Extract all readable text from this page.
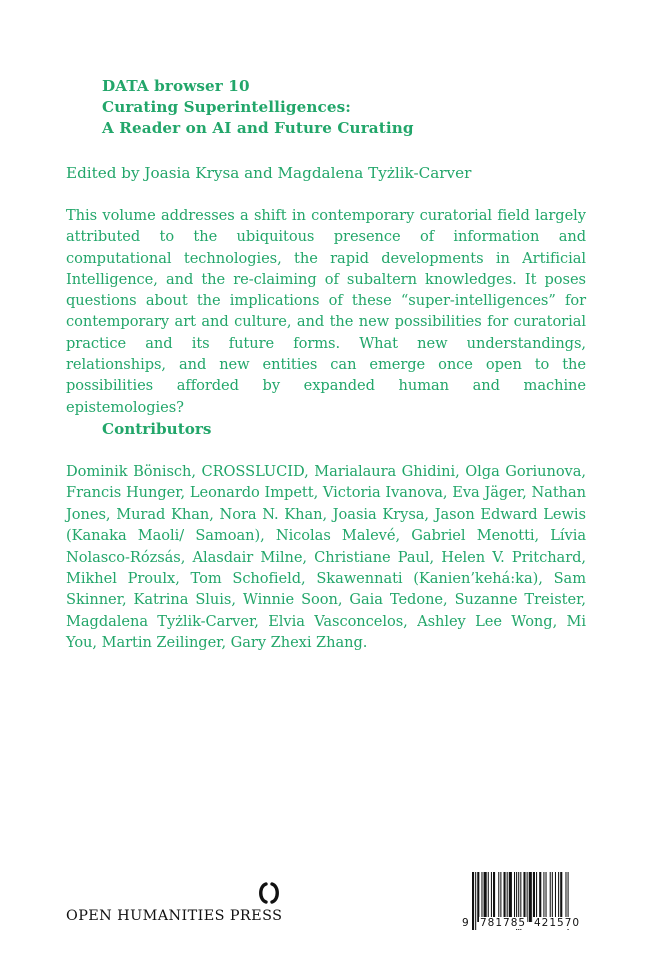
DATA browser 10
Curating Superintelligences:
A Reader on AI and Future Curating
Edited by Joasia Krysa and Magdalena Tyżlik-Carver
This volume addresses a shift in contemporary curatorial field largely attributed to the ubiquitous presence of information and computational technologies, the rapid developments in Artificial Intelligence, and the re-claiming of subaltern knowledges. It poses questions about the implications of these “super-intelligences” for contemporary art and culture, and the new possibilities for curatorial practice and its future forms. What new understandings, relationships, and new entities can emerge once open to the possibilities afforded by expanded human and machine epistemologies?
Contributors
Dominik Bönisch, CROSSLUCID, Marialaura Ghidini, Olga Goriunova, Francis Hunger, Leonardo Impett, Victoria Ivanova, Eva Jäger, Nathan Jones, Murad Khan, Nora N. Khan, Joasia Krysa, Jason Edward Lewis (Kanaka Maoli/ Samoan), Nicolas Malevé, Gabriel Menotti, Lívia Nolasco-Rózsás, Alasdair Milne, Christiane Paul, Helen V. Pritchard, Mikhel Proulx, Tom Schofield, Skawennati (Kanien’kehá:ka), Sam Skinner, Katrina Sluis, Winnie Soon, Gaia Tedone, Suzanne Treister, Magdalena Tyżlik-Carver, Elvia Vasconcelos, Ashley Lee Wong, Mi You, Martin Zeilinger, Gary Zhexi Zhang.
OPEN HUMANITIES PRESS	9 781785 421570
